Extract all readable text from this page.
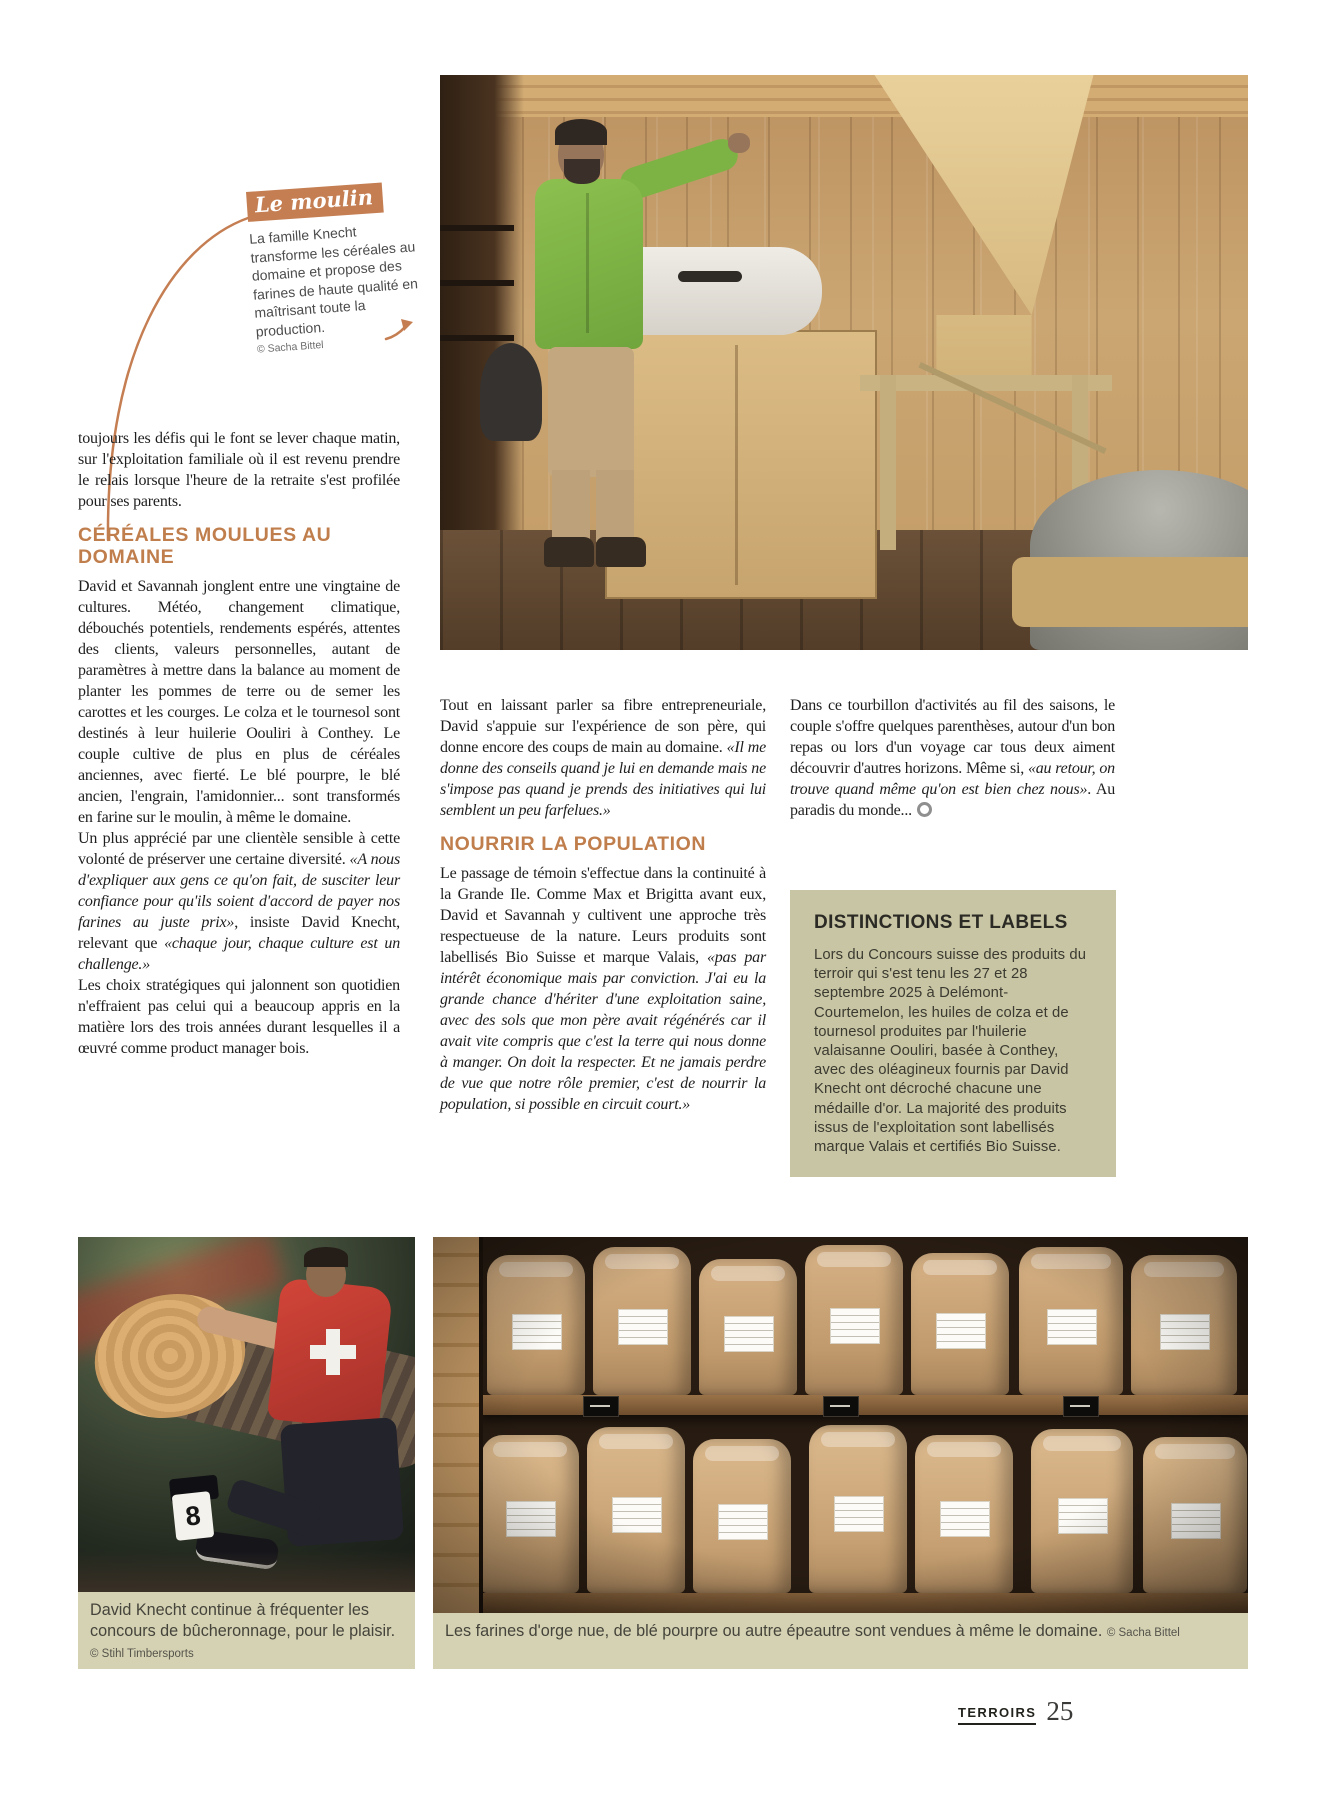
Le moulin
La famille Knecht transforme les céréales au domaine et propose des farines de haute qualité en maîtrisant toute la production.
© Sacha Bittel

toujours les défis qui le font se lever chaque matin, sur l'exploitation familiale où il est revenu prendre le relais lorsque l'heure de la retraite s'est profilée pour ses parents.

CÉRÉALES MOULUES AU DOMAINE

David et Savannah jonglent entre une vingtaine de cultures. Météo, changement climatique, débouchés potentiels, rendements espérés, attentes des clients, valeurs personnelles, autant de paramètres à mettre dans la balance au moment de planter les pommes de terre ou de semer les carottes et les courges. Le colza et le tournesol sont destinés à leur huilerie Oouliri à Conthey. Le couple cultive de plus en plus de céréales anciennes, avec fierté. Le blé pourpre, le blé ancien, l'engrain, l'amidonnier... sont transformés en farine sur le moulin, à même le domaine.

Un plus apprécié par une clientèle sensible à cette volonté de préserver une certaine diversité. «A nous d'expliquer aux gens ce qu'on fait, de susciter leur confiance pour qu'ils soient d'accord de payer nos farines au juste prix», insiste David Knecht, relevant que «chaque jour, chaque culture est un challenge.»

Les choix stratégiques qui jalonnent son quotidien n'effraient pas celui qui a beaucoup appris en la matière lors des trois années durant lesquelles il a œuvré comme product manager bois.

Tout en laissant parler sa fibre entrepreneuriale, David s'appuie sur l'expérience de son père, qui donne encore des coups de main au domaine. «Il me donne des conseils quand je lui en demande mais ne s'impose pas quand je prends des initiatives qui lui semblent un peu farfelues.»

NOURRIR LA POPULATION

Le passage de témoin s'effectue dans la continuité à la Grande Ile. Comme Max et Brigitta avant eux, David et Savannah y cultivent une approche très respectueuse de la nature. Leurs produits sont labellisés Bio Suisse et marque Valais, «pas par intérêt économique mais par conviction. J'ai eu la grande chance d'hériter d'une exploitation saine, avec des sols que mon père avait régénérés car il avait vite compris que c'est la terre qui nous donne à manger. On doit la respecter. Et ne jamais perdre de vue que notre rôle premier, c'est de nourrir la population, si possible en circuit court.»

Dans ce tourbillon d'activités au fil des saisons, le couple s'offre quelques parenthèses, autour d'un bon repas ou lors d'un voyage car tous deux aiment découvrir d'autres horizons. Même si, «au retour, on trouve quand même qu'on est bien chez nous». Au paradis du monde...

DISTINCTIONS ET LABELS

Lors du Concours suisse des produits du terroir qui s'est tenu les 27 et 28 septembre 2025 à Delémont-Courtemelon, les huiles de colza et de tournesol produites par l'huilerie valaisanne Oouliri, basée à Conthey, avec des oléagineux fournis par David Knecht ont décroché chacune une médaille d'or. La majorité des produits issus de l'exploitation sont labellisés marque Valais et certifiés Bio Suisse.

8
David Knecht continue à fréquenter les concours de bûcheronnage, pour le plaisir. © Stihl Timbersports
Les farines d'orge nue, de blé pourpre ou autre épeautre sont vendues à même le domaine. © Sacha Bittel
TERROIRS 25
